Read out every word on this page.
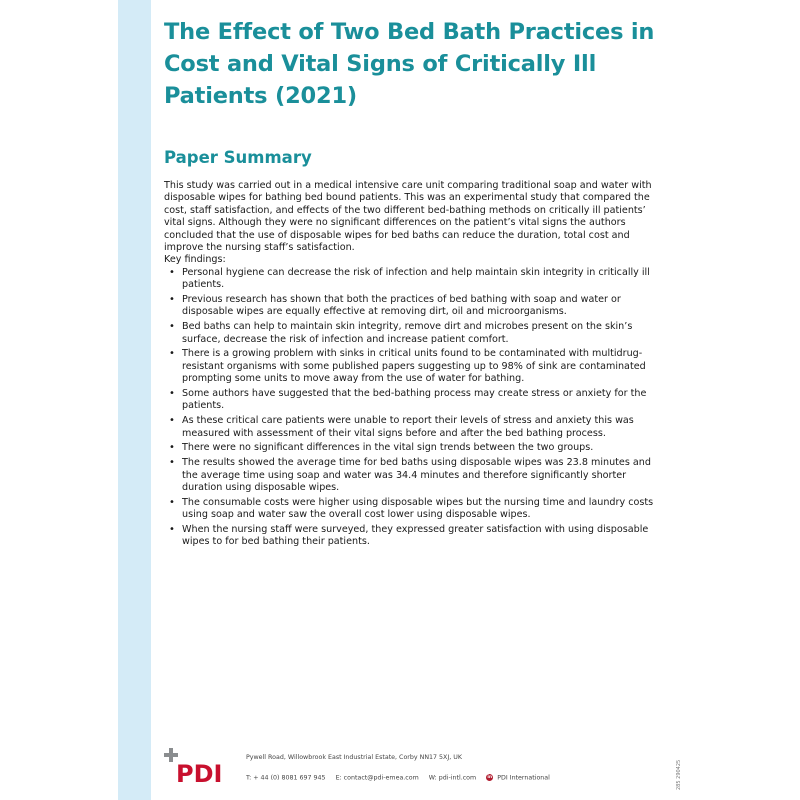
The Effect of Two Bed Bath Practices in Cost and Vital Signs of Critically Ill Patients (2021)
Paper Summary

This study was carried out in a medical intensive care unit comparing traditional soap and water with disposable wipes for bathing bed bound patients. This was an experimental study that compared the cost, staff satisfaction, and effects of the two different bed-bathing methods on critically ill patients’ vital signs. Although they were no significant differences on the patient’s vital signs the authors concluded that the use of disposable wipes for bed baths can reduce the duration, total cost and improve the nursing staff’s satisfaction.

Key findings:

• Personal hygiene can decrease the risk of infection and help maintain skin integrity in critically ill patients.
• Previous research has shown that both the practices of bed bathing with soap and water or disposable wipes are equally effective at removing dirt, oil and microorganisms.
• Bed baths can help to maintain skin integrity, remove dirt and microbes present on the skin’s surface, decrease the risk of infection and increase patient comfort.
• There is a growing problem with sinks in critical units found to be contaminated with multidrug-resistant organisms with some published papers suggesting up to 98% of sink are contaminated prompting some units to move away from the use of water for bathing.
• Some authors have suggested that the bed-bathing process may create stress or anxiety for the patients.
• As these critical care patients were unable to report their levels of stress and anxiety this was measured with assessment of their vital signs before and after the bed bathing process.
• There were no significant differences in the vital sign trends between the two groups.
• The results showed the average time for bed baths using disposable wipes was 23.8 minutes and the average time using soap and water was 34.4 minutes and therefore significantly shorter duration using disposable wipes.
• The consumable costs were higher using disposable wipes but the nursing time and laundry costs using soap and water saw the overall cost lower using disposable wipes.
• When the nursing staff were surveyed, they expressed greater satisfaction with using disposable wipes to for bed bathing their patients.
PDI
Pywell Road, Willowbrook East Industrial Estate, Corby NN17 5XJ, UK
T: + 44 (0) 8081 697 945 E: contact@pdi-emea.com W: pdi-intl.com in PDI International	285 290425
